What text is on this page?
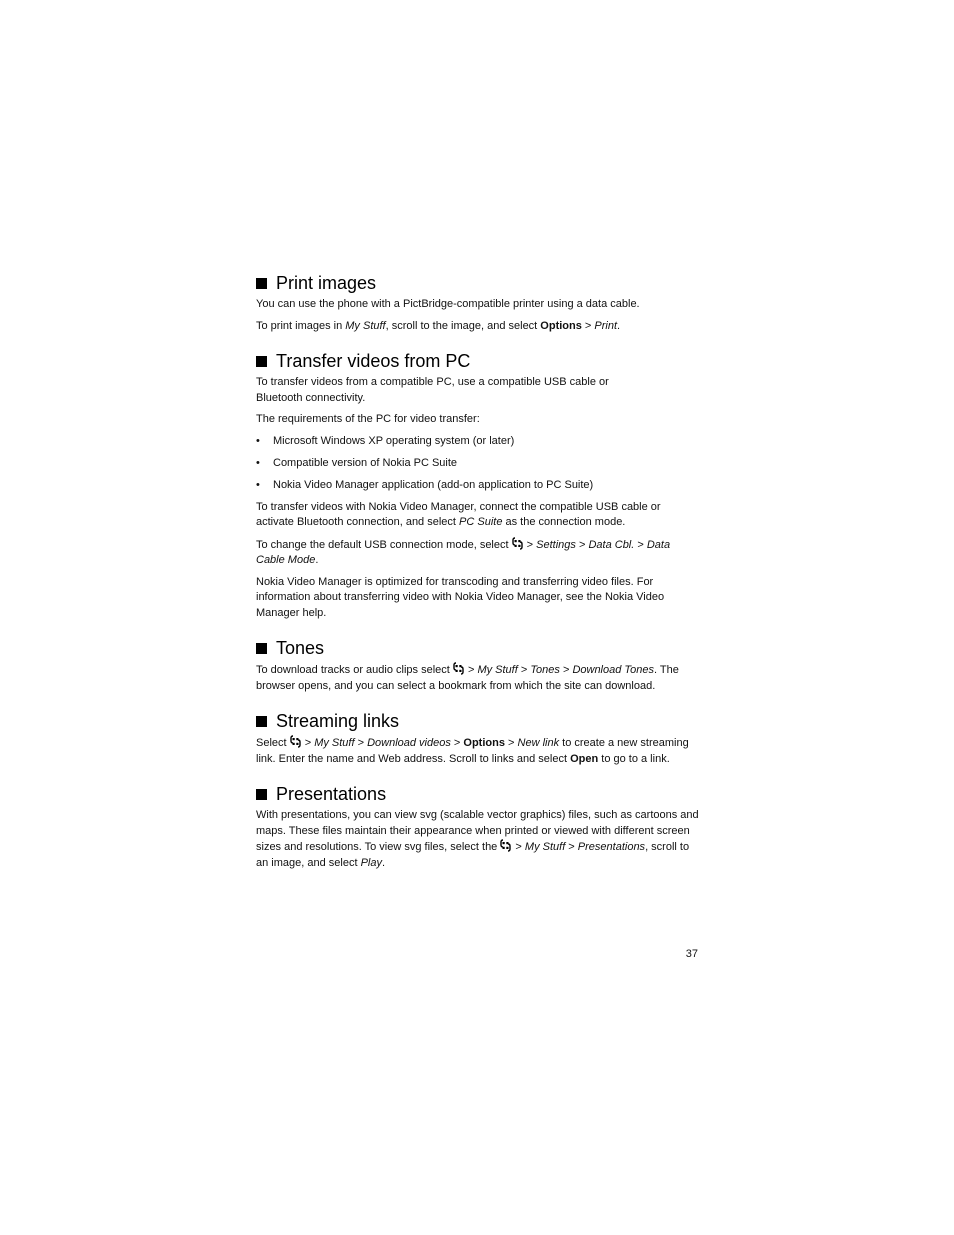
Print images

You can use the phone with a PictBridge-compatible printer using a data cable.

To print images in My Stuff, scroll to the image, and select Options > Print.

Transfer videos from PC

To transfer videos from a compatible PC, use a compatible USB cable or
Bluetooth connectivity.

The requirements of the PC for video transfer:

•	Microsoft Windows XP operating system (or later)
•	Compatible version of Nokia PC Suite
•	Nokia Video Manager application (add-on application to PC Suite)

To transfer videos with Nokia Video Manager, connect the compatible USB cable or activate Bluetooth connection, and select PC Suite as the connection mode.

To change the default USB connection mode, select  > Settings > Data Cbl. > Data
Cable Mode.

Nokia Video Manager is optimized for transcoding and transferring video files. For information about transferring video with Nokia Video Manager, see the Nokia Video Manager help.

Tones

To download tracks or audio clips select  > My Stuff > Tones > Download Tones. The browser opens, and you can select a bookmark from which the site can download.

Streaming links

Select  > My Stuff > Download videos > Options > New link to create a new streaming link. Enter the name and Web address. Scroll to links and select Open to go to a link.

Presentations

With presentations, you can view svg (scalable vector graphics) files, such as cartoons and maps. These files maintain their appearance when printed or viewed with different screen sizes and resolutions. To view svg files, select the  > My Stuff > Presentations, scroll to an image, and select Play.

37
